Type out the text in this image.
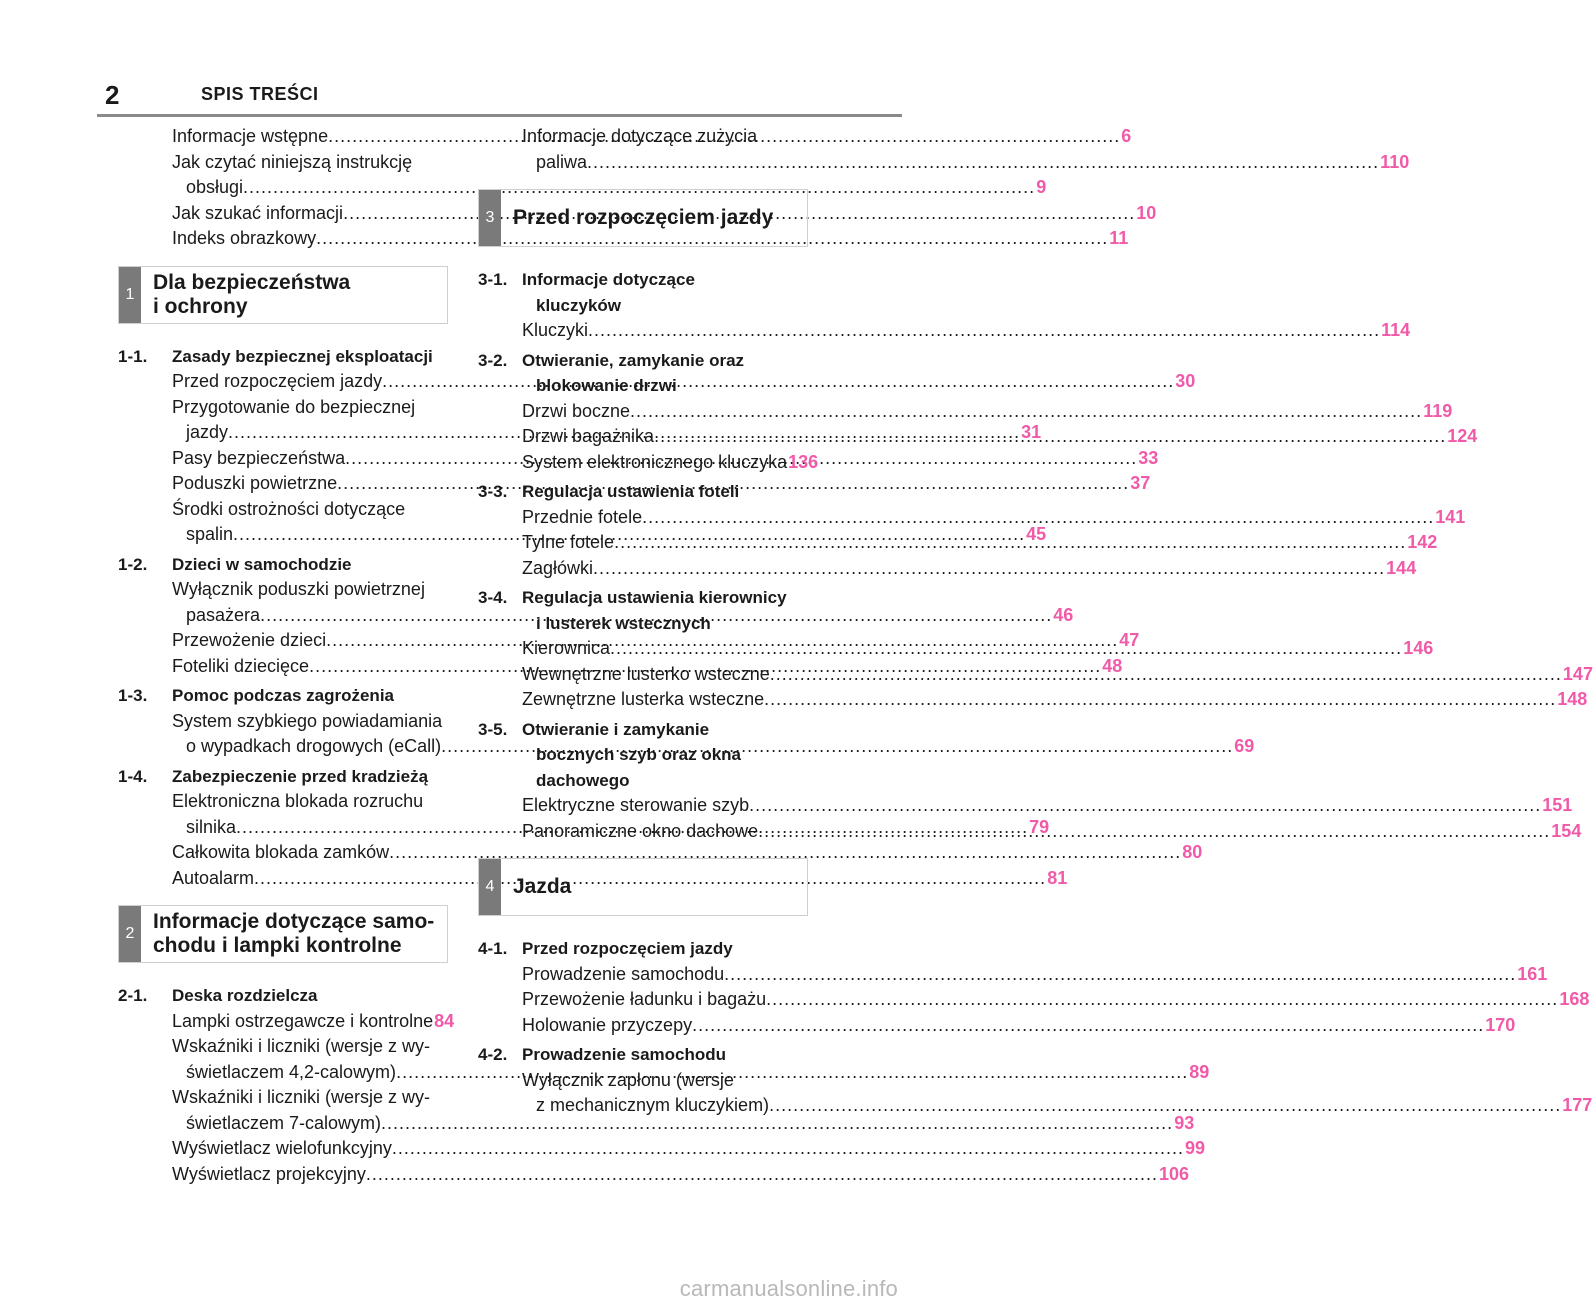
2	SPIS TREŚCI
Informacje wstępne .....	6
Jak czytać niniejszą instrukcję
obsługi .....	9
Jak szukać informacji .....	10
Indeks obrazkowy .....	11
1
Dla bezpieczeństwa
i ochrony
1-1. Zasady bezpiecznej eksploatacji
Przed rozpoczęciem jazdy .....	30
Przygotowanie do bezpiecznej
jazdy .....	31
Pasy bezpieczeństwa .....	33
Poduszki powietrzne .....	37
Środki ostrożności dotyczące
spalin .....	45
1-2. Dzieci w samochodzie
Wyłącznik poduszki powietrznej
pasażera .....	46
Przewożenie dzieci .....	47
Foteliki dziecięce .....	48
1-3. Pomoc podczas zagrożenia
System szybkiego powiadamiania
o wypadkach drogowych (eCall) .....	69
1-4. Zabezpieczenie przed kradzieżą
Elektroniczna blokada rozruchu
silnika .....	79
Całkowita blokada zamków .....	80
Autoalarm .....	81
2
Informacje dotyczące samo-
chodu i lampki kontrolne
2-1. Deska rozdzielcza
Lampki ostrzegawcze i kontrolne 84
Wskaźniki i liczniki (wersje z wy-
świetlaczem 4,2-calowym) .....	89
Wskaźniki i liczniki (wersje z wy-
świetlaczem 7-calowym) .....	93
Wyświetlacz wielofunkcyjny .....	99
Wyświetlacz projekcyjny .....	106
Informacje dotyczące zużycia
paliwa .....	110
3 Przed rozpoczęciem jazdy
3-1. Informacje dotyczące
kluczyków
Kluczyki .....	114
3-2. Otwieranie, zamykanie oraz
blokowanie drzwi
Drzwi boczne .....	119
Drzwi bagażnika .....	124
System elektronicznego kluczyka 136
3-3. Regulacja ustawienia foteli
Przednie fotele .....	141
Tylne fotele .....	142
Zagłówki .....	144
3-4. Regulacja ustawienia kierownicy
i lusterek wstecznych
Kierownica .....	146
Wewnętrzne lusterko wsteczne .....	147
Zewnętrzne lusterka wsteczne .....	148
3-5. Otwieranie i zamykanie
bocznych szyb oraz okna
dachowego
Elektryczne sterowanie szyb .....	151
Panoramiczne okno dachowe .....	154
4 Jazda
4-1. Przed rozpoczęciem jazdy
Prowadzenie samochodu .....	161
Przewożenie ładunku i bagażu .....	168
Holowanie przyczepy .....	170
4-2. Prowadzenie samochodu
Wyłącznik zapłonu (wersje
z mechanicznym kluczykiem) .....	177
carmanualsonline.info
